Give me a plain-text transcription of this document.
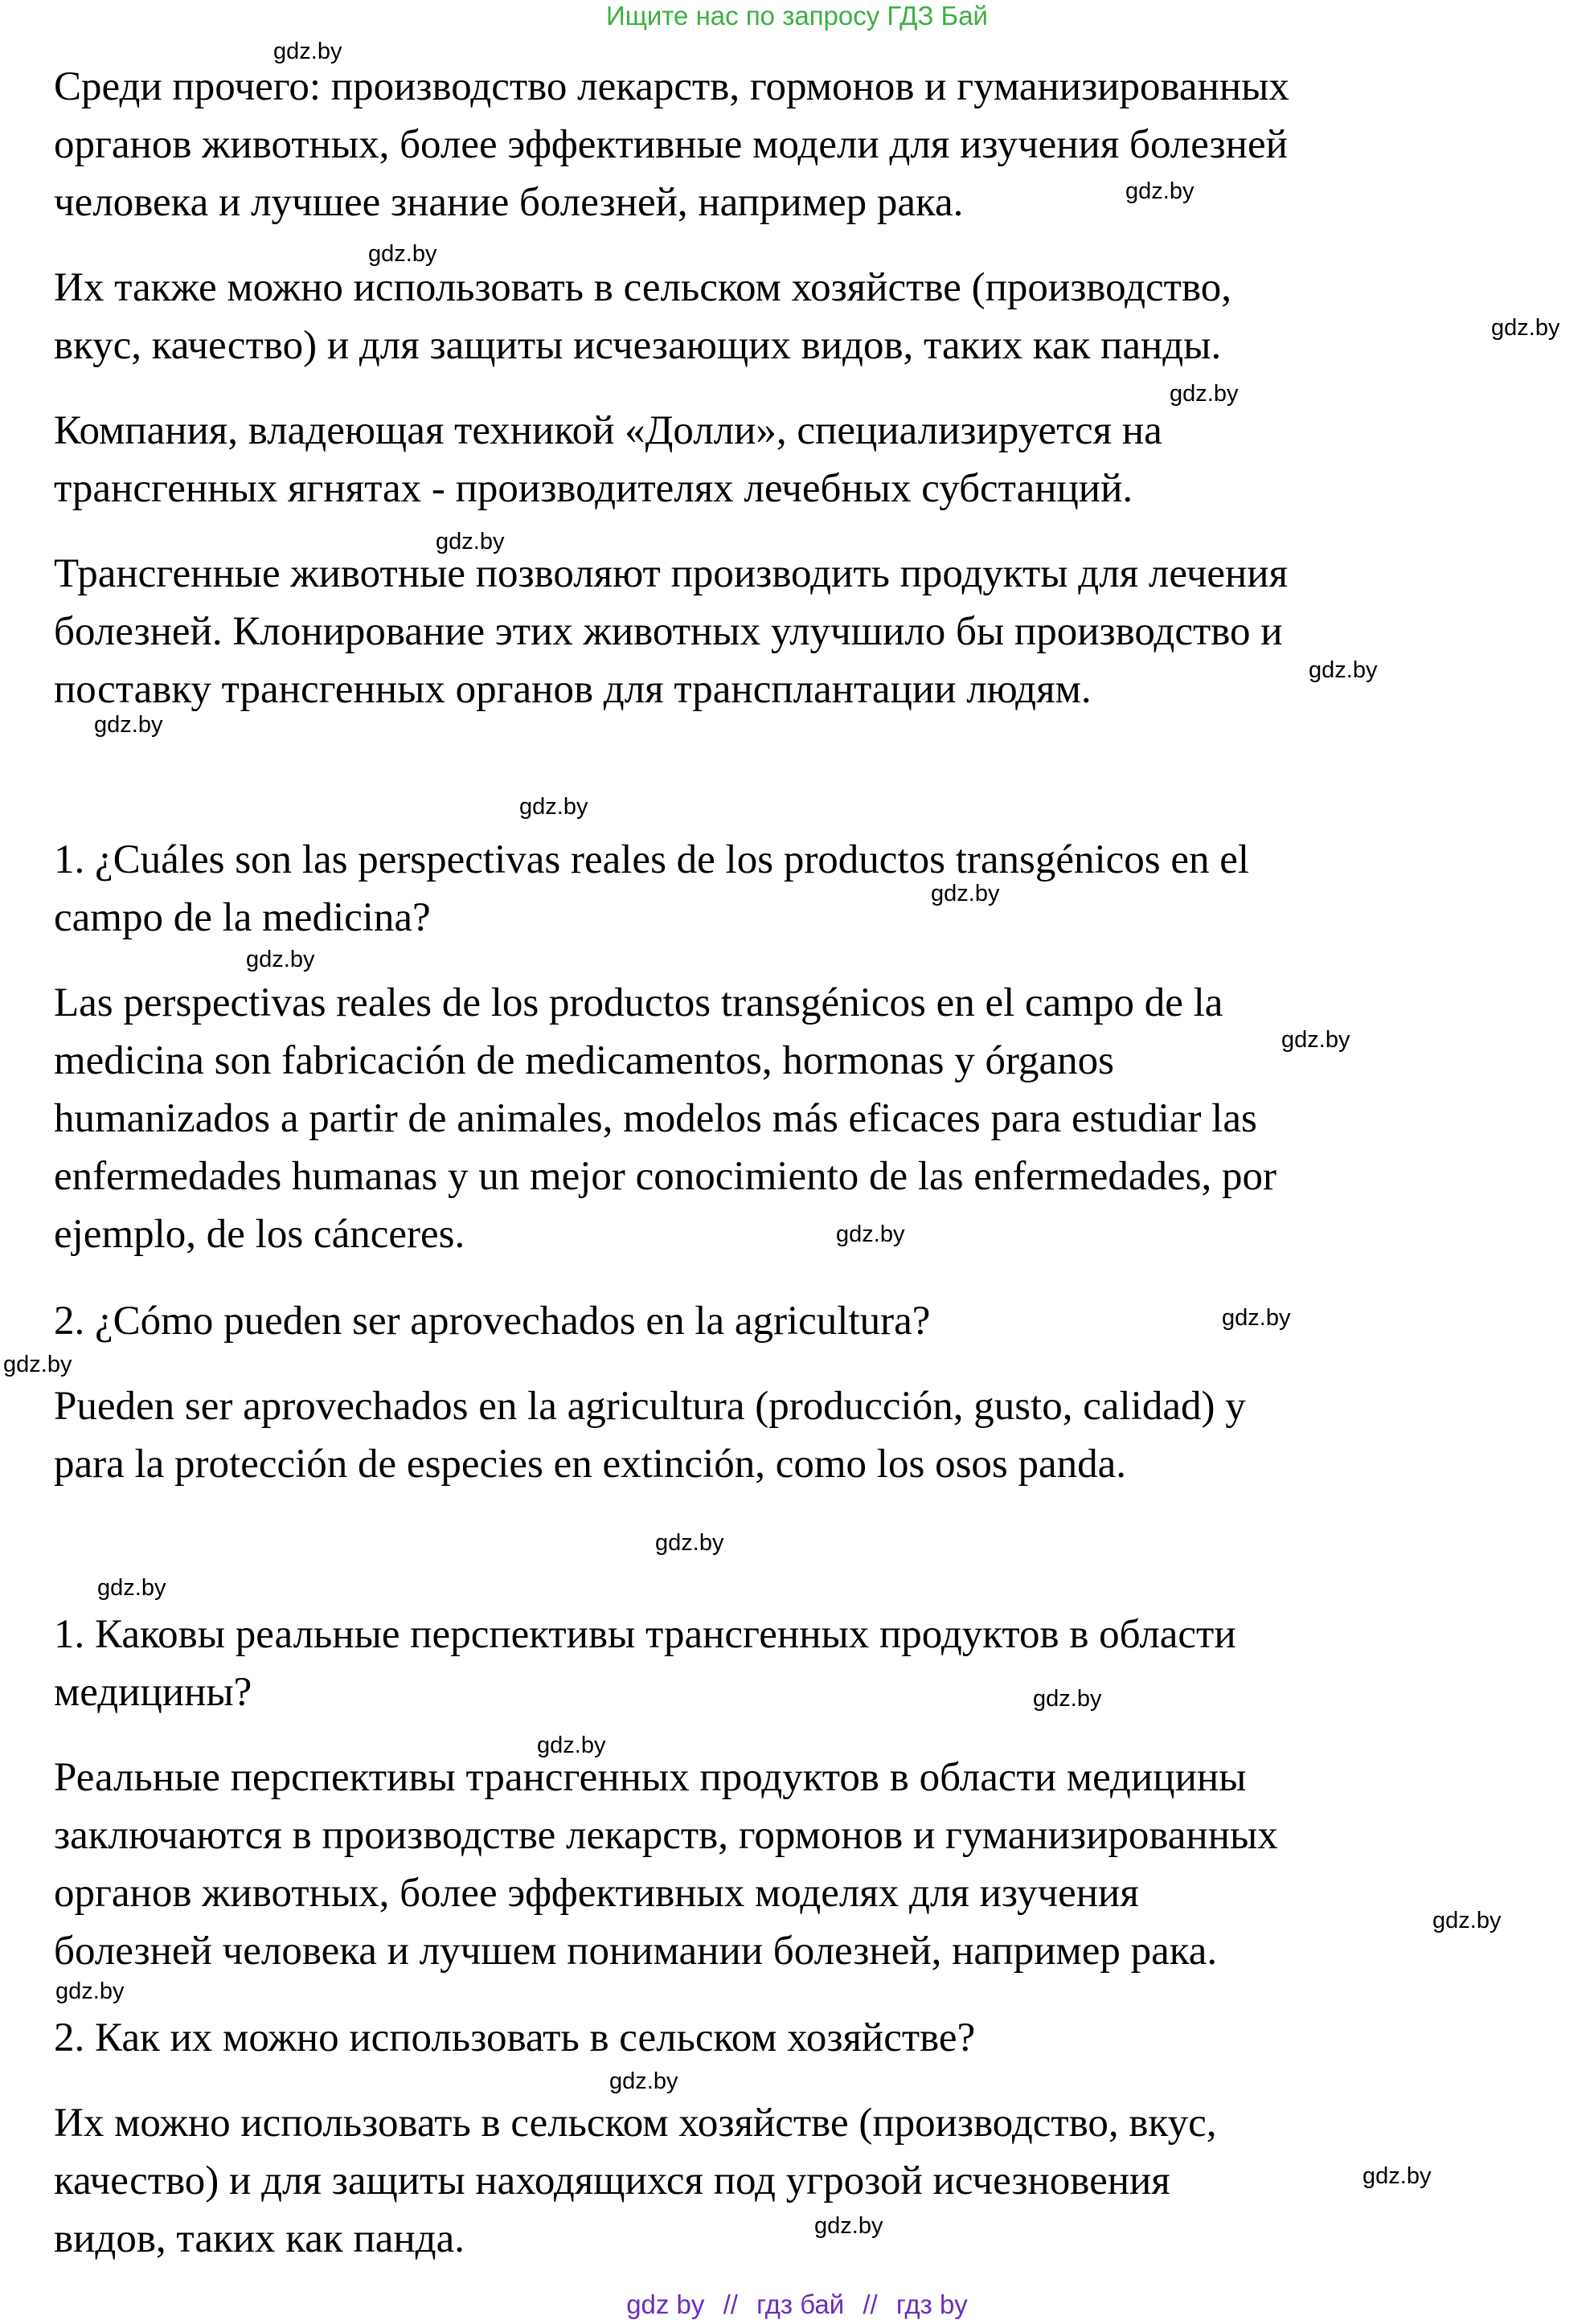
Ищите нас по запросу ГДЗ Бай

Среди прочего: производство лекарств, гормонов и гуманизированных
органов животных, более эффективные модели для изучения болезней
человека и лучшее знание болезней, например рака.

Их также можно использовать в сельском хозяйстве (производство,
вкус, качество) и для защиты исчезающих видов, таких как панды.

Компания, владеющая техникой «Долли», специализируется на
трансгенных ягнятах - производителях лечебных субстанций.

Трансгенные животные позволяют производить продукты для лечения
болезней. Клонирование этих животных улучшило бы производство и
поставку трансгенных органов для трансплантации людям.

1. ¿Cuáles son las perspectivas reales de los productos transgénicos en el
campo de la medicina?

Las perspectivas reales de los productos transgénicos en el campo de la
medicina son fabricación de medicamentos, hormonas y órganos
humanizados a partir de animales, modelos más eficaces para estudiar las
enfermedades humanas y un mejor conocimiento de las enfermedades, por
ejemplo, de los cánceres.

2. ¿Cómo pueden ser aprovechados en la agricultura?

Pueden ser aprovechados en la agricultura (producción, gusto, calidad) y
para la protección de especies en extinción, como los osos panda.

1. Каковы реальные перспективы трансгенных продуктов в области
медицины?

Реальные перспективы трансгенных продуктов в области медицины
заключаются в производстве лекарств, гормонов и гуманизированных
органов животных, более эффективных моделях для изучения
болезней человека и лучшем понимании болезней, например рака.

2. Как их можно использовать в сельском хозяйстве?

Их можно использовать в сельском хозяйстве (производство, вкус,
качество) и для защиты находящихся под угрозой исчезновения
видов, таких как панда.

gdz.by
gdz.by
gdz.by
gdz.by
gdz.by
gdz.by
gdz.by
gdz.by
gdz.by
gdz.by
gdz.by
gdz.by
gdz.by
gdz.by
gdz.by
gdz.by
gdz.by
gdz.by
gdz.by
gdz.by
gdz.by
gdz.by
gdz.by
gdz.by
gdz by // гдз бай // гдз by
